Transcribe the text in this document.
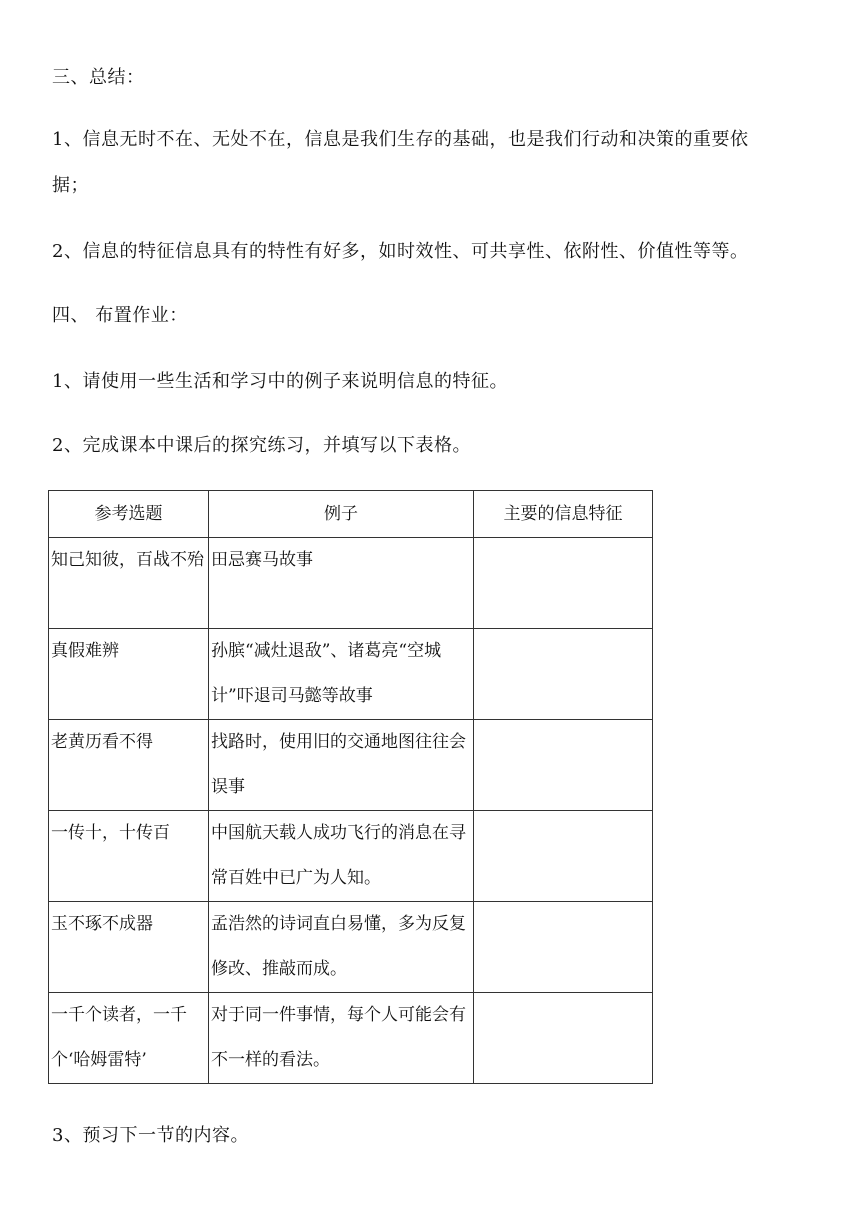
三、总结：
1、信息无时不在、无处不在，信息是我们生存的基础，也是我们行动和决策的重要依
据；
2、信息的特征信息具有的特性有好多，如时效性、可共享性、依附性、价值性等等。
四、 布置作业：
1、请使用一些生活和学习中的例子来说明信息的特征。
2、完成课本中课后的探究练习，并填写以下表格。
参考选题	例子	主要的信息特征

知己知彼，百战不殆	田忌赛马故事	

真假难辨	孙膑“减灶退敌”、诸葛亮“空城计”吓退司马懿等故事	

老黄历看不得	找路时，使用旧的交通地图往往会误事	

一传十，十传百	中国航天载人成功飞行的消息在寻常百姓中已广为人知。	

玉不琢不成器	孟浩然的诗词直白易懂，多为反复修改、推敲而成。	

一千个读者，一千个‘哈姆雷特’	对于同一件事情，每个人可能会有不一样的看法。	

3、预习下一节的内容。
